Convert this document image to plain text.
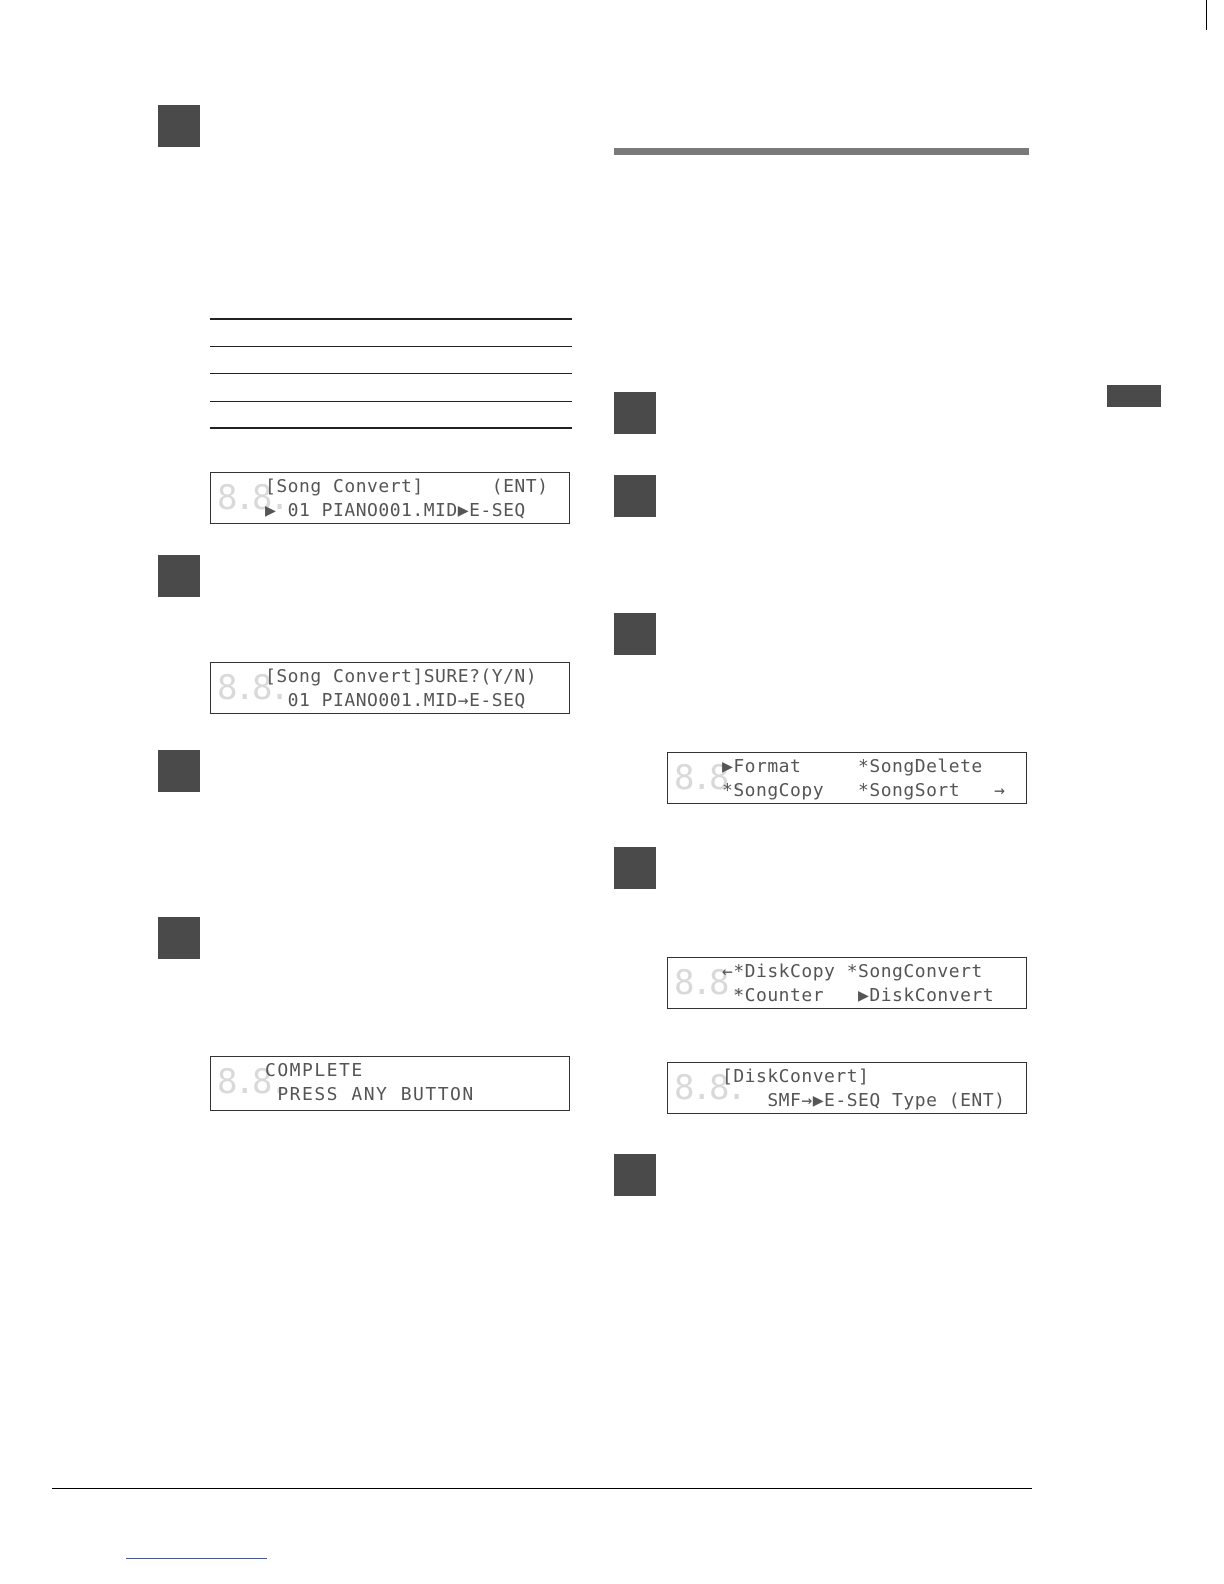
8.8.
[Song Convert]      (ENT)
▶ 01 PIANO001.MID▶E-SEQ
8.8.
[Song Convert]SURE?(Y/N)
01 PIANO001.MID→E-SEQ
8.8.
COMPLETE
PRESS ANY BUTTON
8.8.
▶Format     *SongDelete
*SongCopy   *SongSort   →
8.8.
←*DiskCopy *SongConvert
*Counter   ▶DiskConvert
8.8.
[DiskConvert]
SMF→▶E-SEQ Type (ENT)
